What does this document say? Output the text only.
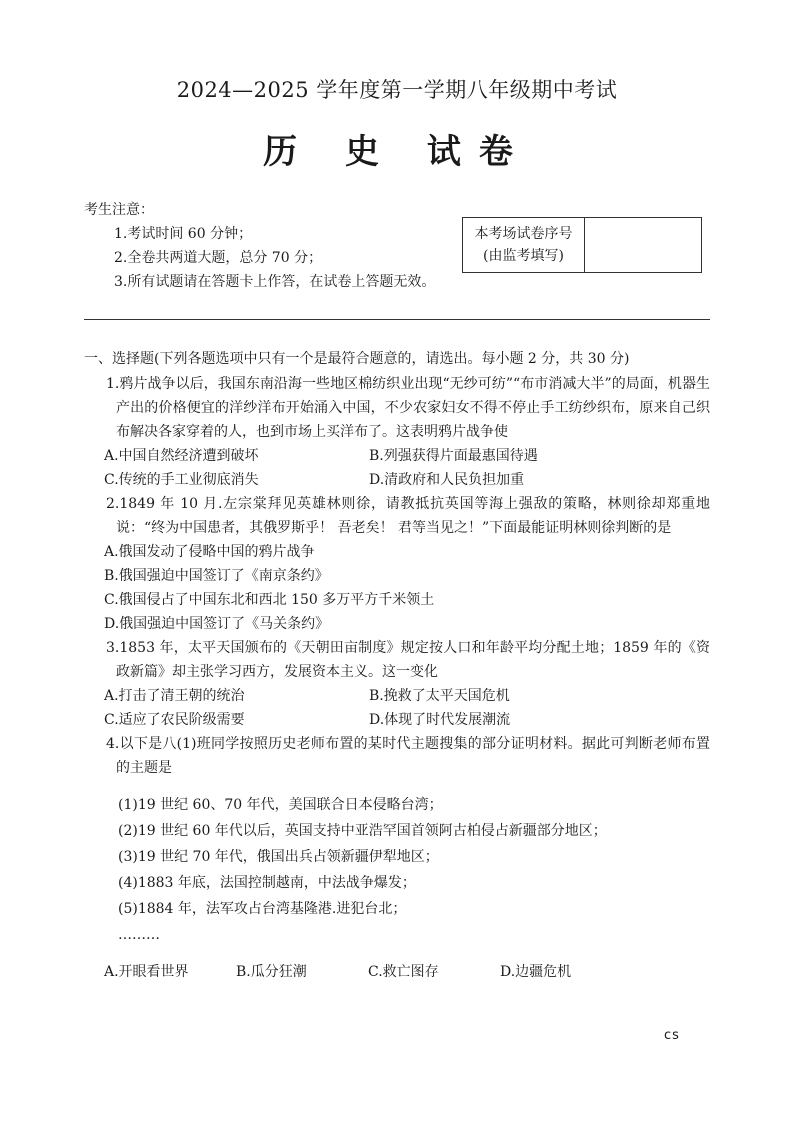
2024—2025 学年度第一学期八年级期中考试
历 史 试卷
考生注意：
1.考试时间 60 分钟；
2.全卷共两道大题，总分 70 分；
3.所有试题请在答题卡上作答，在试卷上答题无效。
本考场试卷序号
(由监考填写)
一、选择题(下列各题选项中只有一个是最符合题意的，请选出。每小题 2 分，共 30 分)
1.鸦片战争以后，我国东南沿海一些地区棉纺织业出现“无纱可纺”“布市消减大半”的局面，机器生产出的价格便宜的洋纱洋布开始涌入中国，不少农家妇女不得不停止手工纺纱织布，原来自己织布解决各家穿着的人，也到市场上买洋布了。这表明鸦片战争使
A.中国自然经济遭到破坏	B.列强获得片面最惠国待遇
C.传统的手工业彻底消失	D.清政府和人民负担加重
2.1849 年 10 月.左宗棠拜见英雄林则徐，请教抵抗英国等海上强敌的策略，林则徐却郑重地说：“终为中国患者，其俄罗斯乎！ 吾老矣！ 君等当见之！”下面最能证明林则徐判断的是
A.俄国发动了侵略中国的鸦片战争
B.俄国强迫中国签订了《南京条约》
C.俄国侵占了中国东北和西北 150 多万平方千米领土
D.俄国强迫中国签订了《马关条约》
3.1853 年，太平天国颁布的《天朝田亩制度》规定按人口和年龄平均分配土地；1859 年的《资政新篇》却主张学习西方，发展资本主义。这一变化
A.打击了清王朝的统治	B.挽救了太平天国危机
C.适应了农民阶级需要	D.体现了时代发展潮流
4.以下是八(1)班同学按照历史老师布置的某时代主题搜集的部分证明材料。据此可判断老师布置的主题是
(1)19 世纪 60、70 年代，美国联合日本侵略台湾；
(2)19 世纪 60 年代以后，英国支持中亚浩罕国首领阿古柏侵占新疆部分地区；
(3)19 世纪 70 年代，俄国出兵占领新疆伊犁地区；
(4)1883 年底，法国控制越南，中法战争爆发；
(5)1884 年，法军攻占台湾基隆港.进犯台北；
………
A.开眼看世界	B.瓜分狂潮	C.救亡图存	D.边疆危机
cs
